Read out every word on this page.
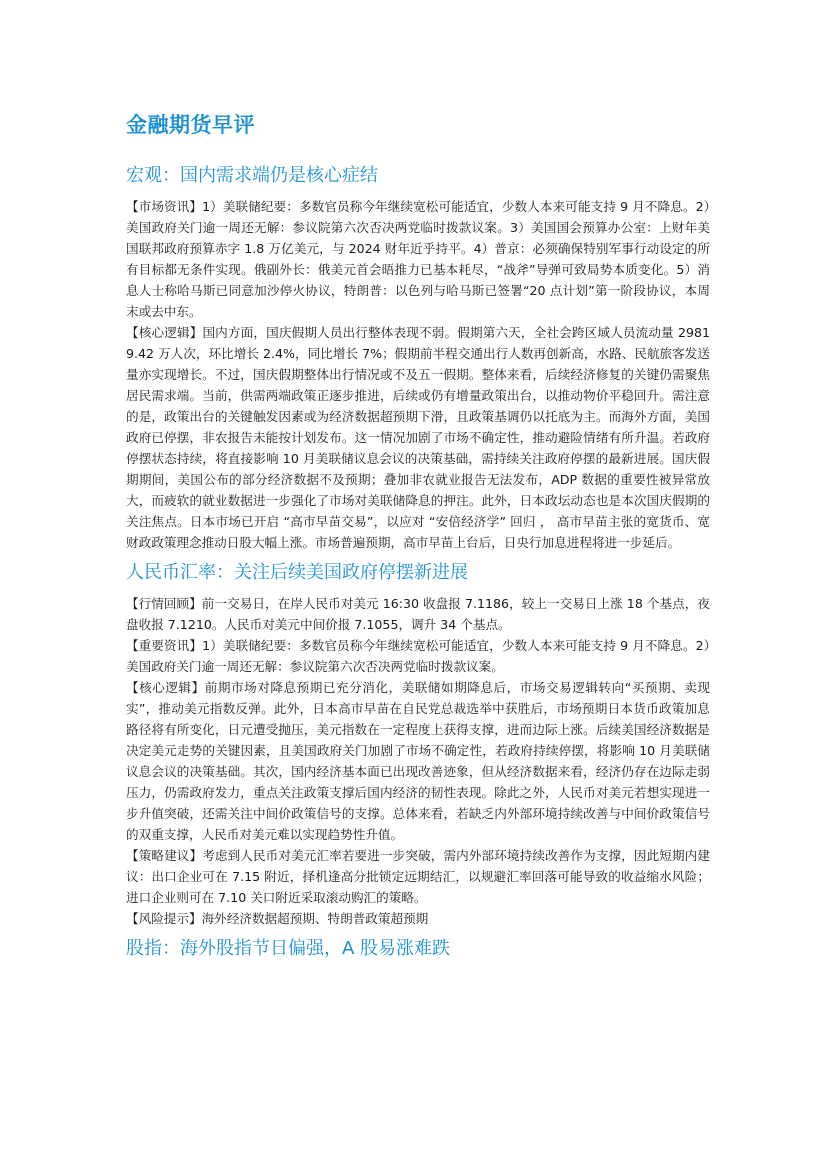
金融期货早评
宏观：国内需求端仍是核心症结

【市场资讯】1）美联储纪要：多数官员称今年继续宽松可能适宜，少数人本来可能支持 9 月不降息。2）美国政府关门逾一周还无解：参议院第六次否决两党临时拨款议案。3）美国国会预算办公室：上财年美国联邦政府预算赤字 1.8 万亿美元，与 2024 财年近乎持平。4）普京：必须确保特别军事行动设定的所有目标都无条件实现。俄副外长：俄美元首会晤推力已基本耗尽，“战斧”导弹可致局势本质变化。5）消息人士称哈马斯已同意加沙停火协议，特朗普：以色列与哈马斯已签署“20 点计划”第一阶段协议，本周末或去中东。

【核心逻辑】国内方面，国庆假期人员出行整体表现不弱。假期第六天，全社会跨区域人员流动量 29819.42 万人次，环比增长 2.4%，同比增长 7%；假期前半程交通出行人数再创新高，水路、民航旅客发送量亦实现增长。不过，国庆假期整体出行情况或不及五一假期。整体来看，后续经济修复的关键仍需聚焦居民需求端。当前，供需两端政策正逐步推进，后续或仍有增量政策出台，以推动物价平稳回升。需注意的是，政策出台的关键触发因素或为经济数据超预期下滑，且政策基调仍以托底为主。而海外方面，美国政府已停摆，非农报告未能按计划发布。这一情况加剧了市场不确定性，推动避险情绪有所升温。若政府停摆状态持续，将直接影响 10 月美联储议息会议的决策基础，需持续关注政府停摆的最新进展。国庆假期期间，美国公布的部分经济数据不及预期；叠加非农就业报告无法发布，ADP 数据的重要性被异常放大，而疲软的就业数据进一步强化了市场对美联储降息的押注。此外，日本政坛动态也是本次国庆假期的关注焦点。日本市场已开启 “高市早苗交易”，以应对 “安倍经济学” 回归 ， 高市早苗主张的宽货币、宽财政政策理念推动日股大幅上涨。市场普遍预期，高市早苗上台后，日央行加息进程将进一步延后。

人民币汇率：关注后续美国政府停摆新进展

【行情回顾】前一交易日，在岸人民币对美元 16:30 收盘报 7.1186，较上一交易日上涨 18 个基点，夜盘收报 7.1210。人民币对美元中间价报 7.1055，调升 34 个基点。

【重要资讯】1）美联储纪要：多数官员称今年继续宽松可能适宜，少数人本来可能支持 9 月不降息。2）美国政府关门逾一周还无解：参议院第六次否决两党临时拨款议案。

【核心逻辑】前期市场对降息预期已充分消化，美联储如期降息后，市场交易逻辑转向“买预期、卖现实”，推动美元指数反弹。此外，日本高市早苗在自民党总裁选举中获胜后，市场预期日本货币政策加息路径将有所变化，日元遭受抛压，美元指数在一定程度上获得支撑，进而边际上涨。后续美国经济数据是决定美元走势的关键因素，且美国政府关门加剧了市场不确定性，若政府持续停摆，将影响 10 月美联储议息会议的决策基础。其次，国内经济基本面已出现改善迹象，但从经济数据来看，经济仍存在边际走弱压力，仍需政府发力，重点关注政策支撑后国内经济的韧性表现。除此之外，人民币对美元若想实现进一步升值突破，还需关注中间价政策信号的支撑。总体来看，若缺乏内外部环境持续改善与中间价政策信号的双重支撑，人民币对美元难以实现趋势性升值。

【策略建议】考虑到人民币对美元汇率若要进一步突破，需内外部环境持续改善作为支撑，因此短期内建议：出口企业可在 7.15 附近，择机逢高分批锁定远期结汇，以规避汇率回落可能导致的收益缩水风险；进口企业则可在 7.10 关口附近采取滚动购汇的策略。

【风险提示】海外经济数据超预期、特朗普政策超预期

股指：海外股指节日偏强，A 股易涨难跌
